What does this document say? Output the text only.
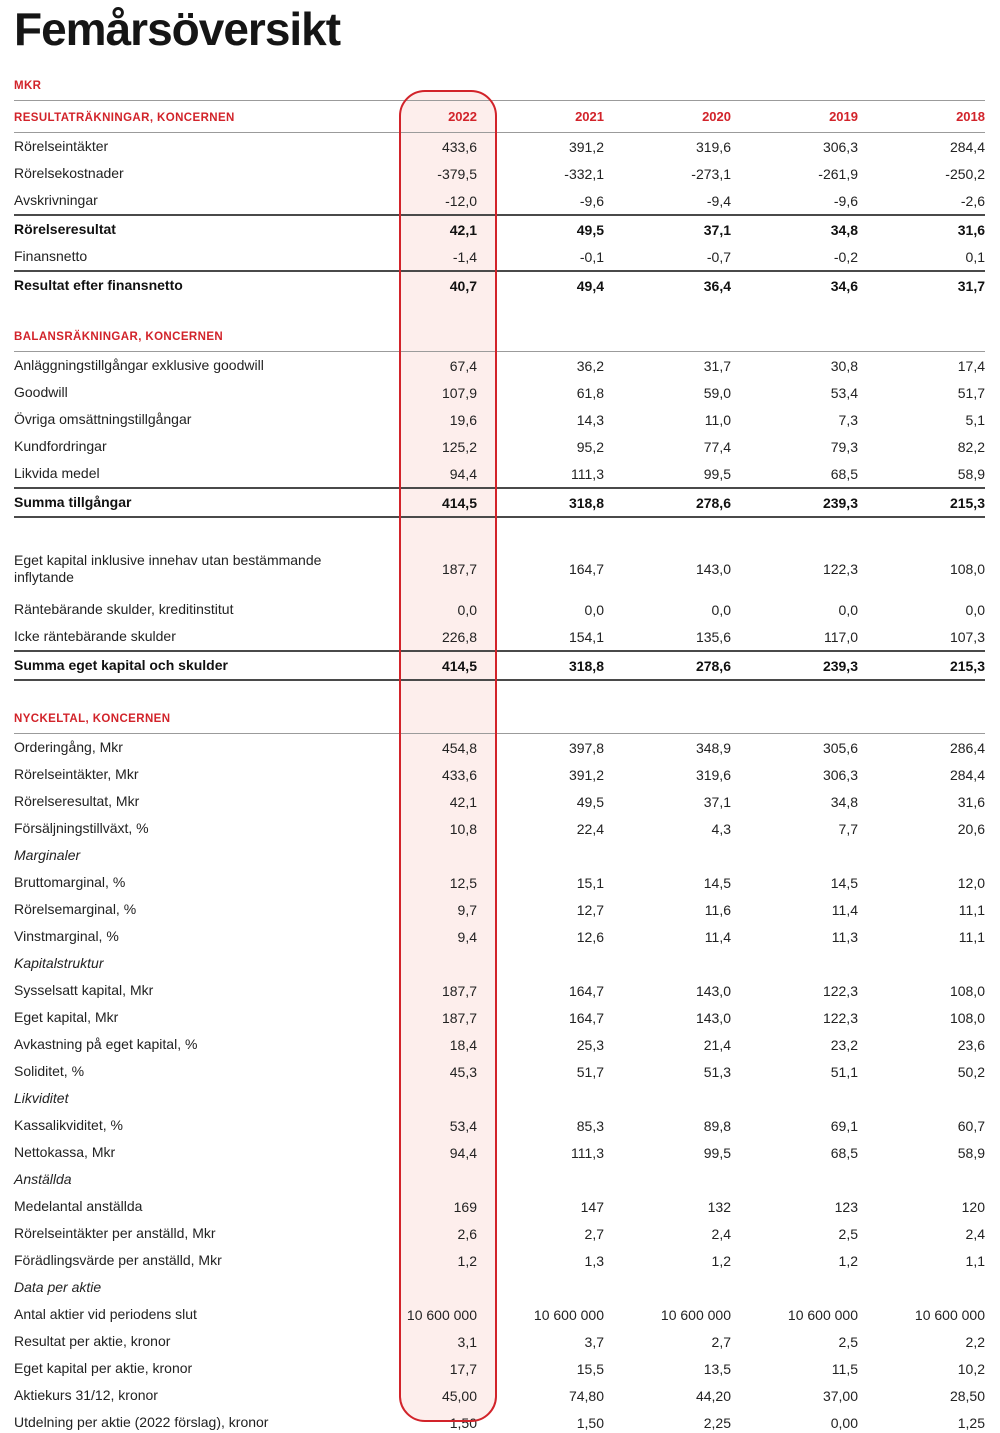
Femårsöversikt
MKR
RESULTATRÄKNINGAR, KONCERNEN	2022	2021	2020	2019	2018
Rörelseintäkter	433,6	391,2	319,6	306,3	284,4
Rörelsekostnader	-379,5	-332,1	-273,1	-261,9	-250,2
Avskrivningar	-12,0	-9,6	-9,4	-9,6	-2,6
Rörelseresultat	42,1	49,5	37,1	34,8	31,6
Finansnetto	-1,4	-0,1	-0,7	-0,2	0,1
Resultat efter finansnetto	40,7	49,4	36,4	34,6	31,7
BALANSRÄKNINGAR, KONCERNEN
Anläggningstillgångar exklusive goodwill	67,4	36,2	31,7	30,8	17,4
Goodwill	107,9	61,8	59,0	53,4	51,7
Övriga omsättningstillgångar	19,6	14,3	11,0	7,3	5,1
Kundfordringar	125,2	95,2	77,4	79,3	82,2
Likvida medel	94,4	111,3	99,5	68,5	58,9
Summa tillgångar	414,5	318,8	278,6	239,3	215,3
Eget kapital inklusive innehav utan bestämmande inflytande	187,7	164,7	143,0	122,3	108,0
Räntebärande skulder, kreditinstitut	0,0	0,0	0,0	0,0	0,0
Icke räntebärande skulder	226,8	154,1	135,6	117,0	107,3
Summa eget kapital och skulder	414,5	318,8	278,6	239,3	215,3
NYCKELTAL, KONCERNEN
Orderingång, Mkr	454,8	397,8	348,9	305,6	286,4
Rörelseintäkter, Mkr	433,6	391,2	319,6	306,3	284,4
Rörelseresultat, Mkr	42,1	49,5	37,1	34,8	31,6
Försäljningstillväxt, %	10,8	22,4	4,3	7,7	20,6
Marginaler
Bruttomarginal, %	12,5	15,1	14,5	14,5	12,0
Rörelsemarginal, %	9,7	12,7	11,6	11,4	11,1
Vinstmarginal, %	9,4	12,6	11,4	11,3	11,1
Kapitalstruktur
Sysselsatt kapital, Mkr	187,7	164,7	143,0	122,3	108,0
Eget kapital, Mkr	187,7	164,7	143,0	122,3	108,0
Avkastning på eget kapital, %	18,4	25,3	21,4	23,2	23,6
Soliditet, %	45,3	51,7	51,3	51,1	50,2
Likviditet
Kassalikviditet, %	53,4	85,3	89,8	69,1	60,7
Nettokassa, Mkr	94,4	111,3	99,5	68,5	58,9
Anställda
Medelantal anställda	169	147	132	123	120
Rörelseintäkter per anställd, Mkr	2,6	2,7	2,4	2,5	2,4
Förädlingsvärde per anställd, Mkr	1,2	1,3	1,2	1,2	1,1
Data per aktie
Antal aktier vid periodens slut	10 600 000	10 600 000	10 600 000	10 600 000	10 600 000
Resultat per aktie, kronor	3,1	3,7	2,7	2,5	2,2
Eget kapital per aktie, kronor	17,7	15,5	13,5	11,5	10,2
Aktiekurs 31/12, kronor	45,00	74,80	44,20	37,00	28,50
Utdelning per aktie (2022 förslag), kronor	1,50	1,50	2,25	0,00	1,25
